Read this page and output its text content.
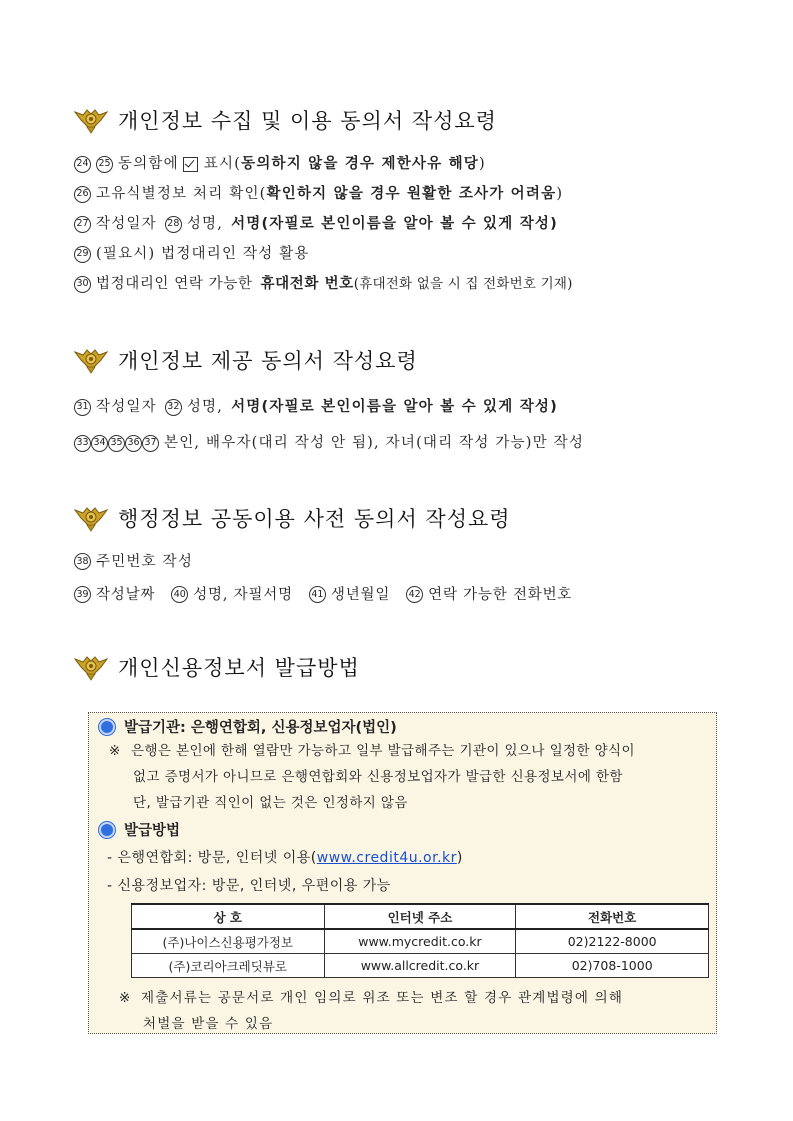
개인정보 수집 및 이용 동의서 작성요령
24 25 동의함에 표시( 동의하지 않을 경우 제한사유 해당 )
26 고유식별정보 처리 확인( 확인하지 않을 경우 원활한 조사가 어려움 )
27 작성일자 28 성명, 서명(자필로 본인이름을 알아 볼 수 있게 작성)
29 (필요시) 법정대리인 작성 활용
30 법정대리인 연락 가능한 휴대전화 번호 (휴대전화 없을 시 집 전화번호 기재)
개인정보 제공 동의서 작성요령
31 작성일자 32 성명, 서명(자필로 본인이름을 알아 볼 수 있게 작성)
33 34 35 36 37 본인, 배우자(대리 작성 안 됨), 자녀(대리 작성 가능)만 작성
행정정보 공동이용 사전 동의서 작성요령
38 주민번호 작성
39 작성날짜 40 성명, 자필서명 41 생년월일 42 연락 가능한 전화번호
개인신용정보서 발급방법
발급기관: 은행연합회, 신용정보업자(법인)
※ 은행은 본인에 한해 열람만 가능하고 일부 발급해주는 기관이 있으나 일정한 양식이
없고 증명서가 아니므로 은행연합회와 신용정보업자가 발급한 신용정보서에 한함
단, 발급기관 직인이 없는 것은 인정하지 않음
발급방법
- 은행연합회: 방문, 인터넷 이용(www.credit4u.or.kr)
- 신용정보업자: 방문, 인터넷, 우편이용 가능
상 호	인터넷 주소	전화번호
(주)나이스신용평가정보	www.mycredit.co.kr	02)2122-8000
(주)코리아크레딧뷰로	www.allcredit.co.kr	02)708-1000
※ 제출서류는 공문서로 개인 임의로 위조 또는 변조 할 경우 관계법령에 의해
처벌을 받을 수 있음
